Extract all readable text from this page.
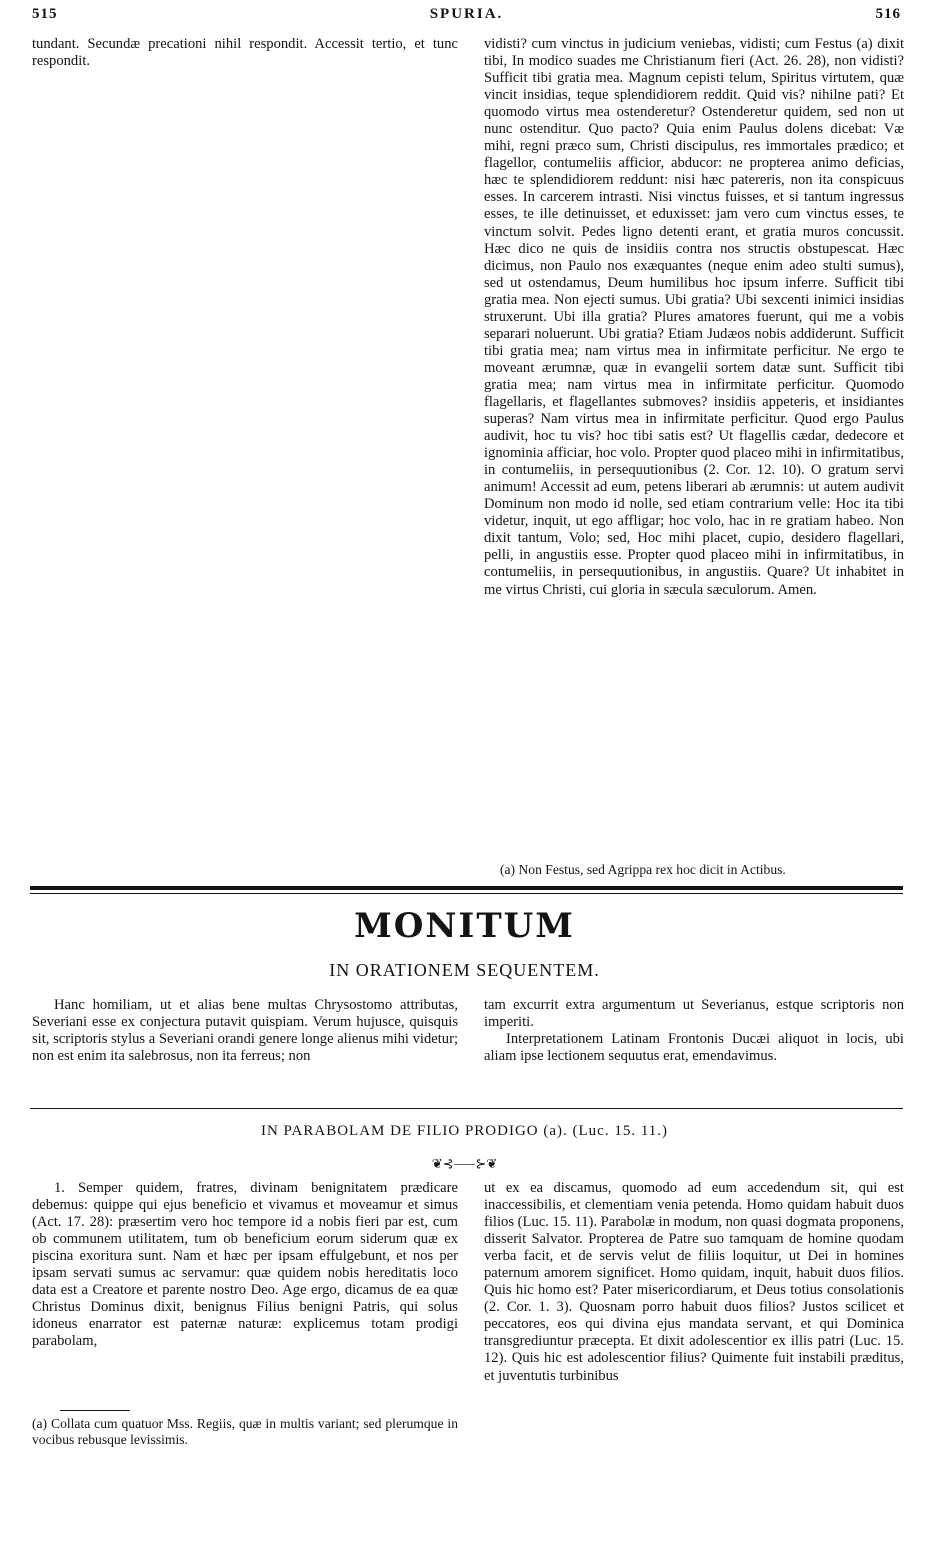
515	SPURIA.	516

tundant. Secundæ precationi nihil respondit. Accessit tertio, et tunc respondit.

vidisti? cum vinctus in judicium veniebas, vidisti; cum Festus (a) dixit tibi, In modico suades me Christianum fieri (Act. 26. 28), non vidisti? Sufficit tibi gratia mea. Magnum cepisti telum, Spiritus virtutem, quæ vincit insidias, teque splendidiorem reddit. Quid vis? nihilne pati? Et quomodo virtus mea ostenderetur? Ostenderetur quidem, sed non ut nunc ostenditur. Quo pacto? Quia enim Paulus dolens dicebat: Væ mihi, regni præco sum, Christi discipulus, res immortales prædico; et flagellor, contumeliis afficior, abducor: ne propterea animo deficias, hæc te splendidiorem reddunt: nisi hæc patereris, non ita conspicuus esses. In carcerem intrasti. Nisi vinctus fuisses, et si tantum ingressus esses, te ille detinuisset, et eduxisset: jam vero cum vinctus esses, te vinctum solvit. Pedes ligno detenti erant, et gratia muros concussit. Hæc dico ne quis de insidiis contra nos structis obstupescat. Hæc dicimus, non Paulo nos exæquantes (neque enim adeo stulti sumus), sed ut ostendamus, Deum humilibus hoc ipsum inferre. Sufficit tibi gratia mea. Non ejecti sumus. Ubi gratia? Ubi sexcenti inimici insidias struxerunt. Ubi illa gratia? Plures amatores fuerunt, qui me a vobis separari noluerunt. Ubi gratia? Etiam Judæos nobis addiderunt. Sufficit tibi gratia mea; nam virtus mea in infirmitate perficitur. Ne ergo te moveant ærumnæ, quæ in evangelii sortem datæ sunt. Sufficit tibi gratia mea; nam virtus mea in infirmitate perficitur. Quomodo flagellaris, et flagellantes submoves? insidiis appeteris, et insidiantes superas? Nam virtus mea in infirmitate perficitur. Quod ergo Paulus audivit, hoc tu vis? hoc tibi satis est? Ut flagellis cædar, dedecore et ignominia afficiar, hoc volo. Propter quod placeo mihi in infirmitatibus, in contumeliis, in persequutionibus (2. Cor. 12. 10). O gratum servi animum! Accessit ad eum, petens liberari ab ærumnis: ut autem audivit Dominum non modo id nolle, sed etiam contrarium velle: Hoc ita tibi videtur, inquit, ut ego affligar; hoc volo, hac in re gratiam habeo. Non dixit tantum, Volo; sed, Hoc mihi placet, cupio, desidero flagellari, pelli, in angustiis esse. Propter quod placeo mihi in infirmitatibus, in contumeliis, in persequutionibus, in angustiis. Quare? Ut inhabitet in me virtus Christi, cui gloria in sæcula sæculorum. Amen.

(a) Non Festus, sed Agrippa rex hoc dicit in Actibus.
MONITUM
IN ORATIONEM SEQUENTEM.

Hanc homiliam, ut et alias bene multas Chrysostomo attributas, Severiani esse ex conjectura putavit quispiam. Verum hujusce, quisquis sit, scriptoris stylus a Severiani orandi genere longe alienus mihi videtur; non est enim ita salebrosus, non ita ferreus; non

tam excurrit extra argumentum ut Severianus, estque scriptoris non imperiti.

Interpretationem Latinam Frontonis Ducæi aliquot in locis, ubi aliam ipse lectionem sequutus erat, emendavimus.

IN PARABOLAM DE FILIO PRODIGO (a). (Luc. 15. 11.)
❦⊰⸺⊱❦

1. Semper quidem, fratres, divinam benignitatem prædicare debemus: quippe qui ejus beneficio et vivamus et moveamur et simus (Act. 17. 28): præsertim vero hoc tempore id a nobis fieri par est, cum ob communem utilitatem, tum ob beneficium eorum siderum quæ ex piscina exoritura sunt. Nam et hæc per ipsam effulgebunt, et nos per ipsam servati sumus ac servamur: quæ quidem nobis hereditatis loco data est a Creatore et parente nostro Deo. Age ergo, dicamus de ea quæ Christus Dominus dixit, benignus Filius benigni Patris, qui solus idoneus enarrator est paternæ naturæ: explicemus totam prodigi parabolam,

(a) Collata cum quatuor Mss. Regiis, quæ in multis variant; sed plerumque in vocibus rebusque levissimis.

ut ex ea discamus, quomodo ad eum accedendum sit, qui est inaccessibilis, et clementiam venia petenda. Homo quidam habuit duos filios (Luc. 15. 11). Parabolæ in modum, non quasi dogmata proponens, disserit Salvator. Propterea de Patre suo tamquam de homine quodam verba facit, et de servis velut de filiis loquitur, ut Dei in homines paternum amorem significet. Homo quidam, inquit, habuit duos filios. Quis hic homo est? Pater misericordiarum, et Deus totius consolationis (2. Cor. 1. 3). Quosnam porro habuit duos filios? Justos scilicet et peccatores, eos qui divina ejus mandata servant, et qui Dominica transgrediuntur præcepta. Et dixit adolescentior ex illis patri (Luc. 15. 12). Quis hic est adolescentior filius? Quimente fuit instabili præditus, et juventutis turbinibus
